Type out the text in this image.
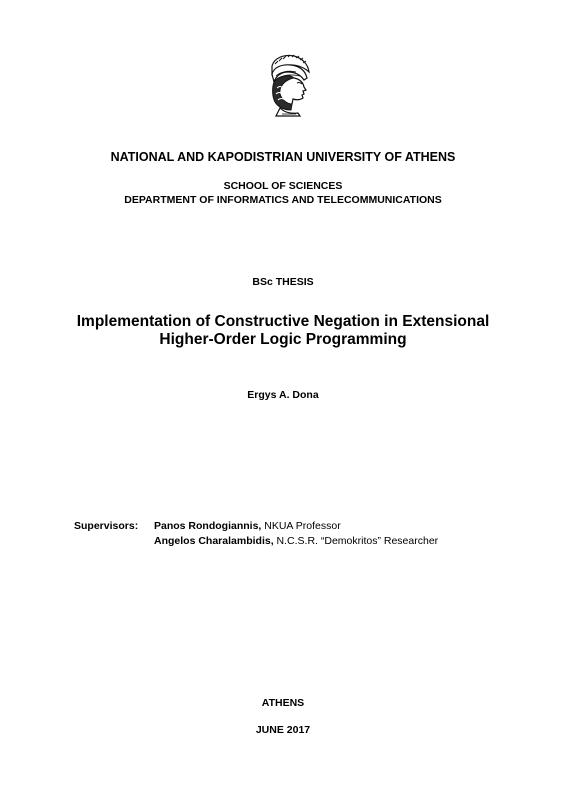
NATIONAL AND KAPODISTRIAN UNIVERSITY OF ATHENS
SCHOOL OF SCIENCES
DEPARTMENT OF INFORMATICS AND TELECOMMUNICATIONS
BSc THESIS
Implementation of Constructive Negation in Extensional
Higher-Order Logic Programming
Ergys A. Dona
Supervisors: Panos Rondogiannis, NKUA Professor
Angelos Charalambidis, N.C.S.R. “Demokritos” Researcher
ATHENS
JUNE 2017
